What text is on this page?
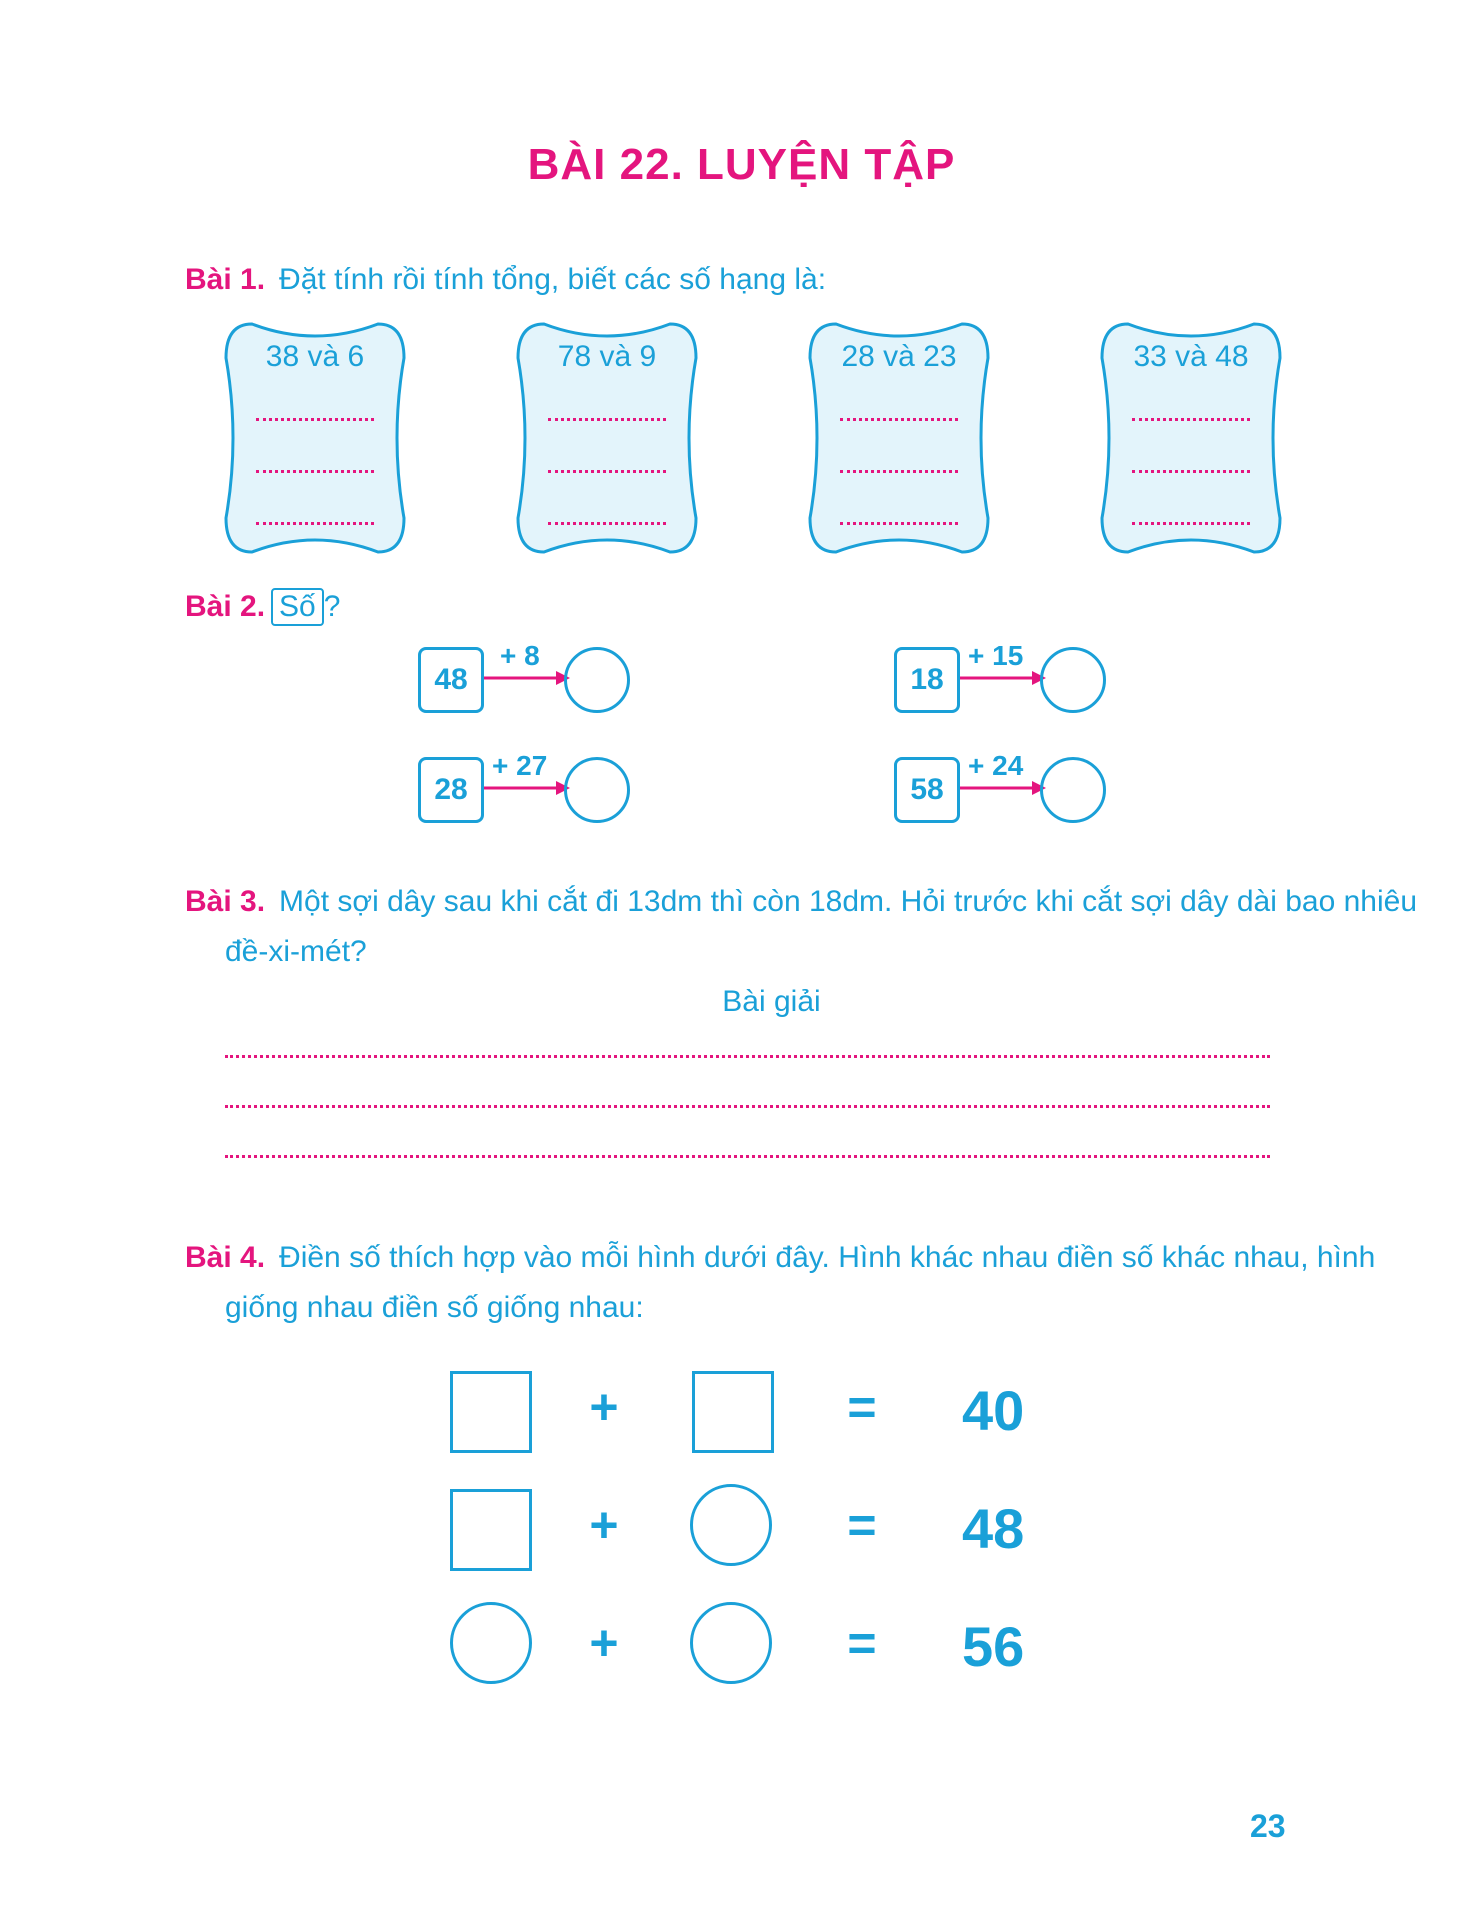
BÀI 22. LUYỆN TẬP
Bài 1. Đặt tính rồi tính tổng, biết các số hạng là:
38 và 6	78 và 9	28 và 23	33 và 48
Bài 2. Số ?
48
+ 8
18
+ 15
28
+ 27
58
+ 24
Bài 3. Một sợi dây sau khi cắt đi 13dm thì còn 18dm. Hỏi trước khi cắt sợi dây dài bao nhiêu
đề-xi-mét?
Bài giải
Bài 4. Điền số thích hợp vào mỗi hình dưới đây. Hình khác nhau điền số khác nhau, hình
giống nhau điền số giống nhau:
+	= 40
+	= 48
+	= 56
23
